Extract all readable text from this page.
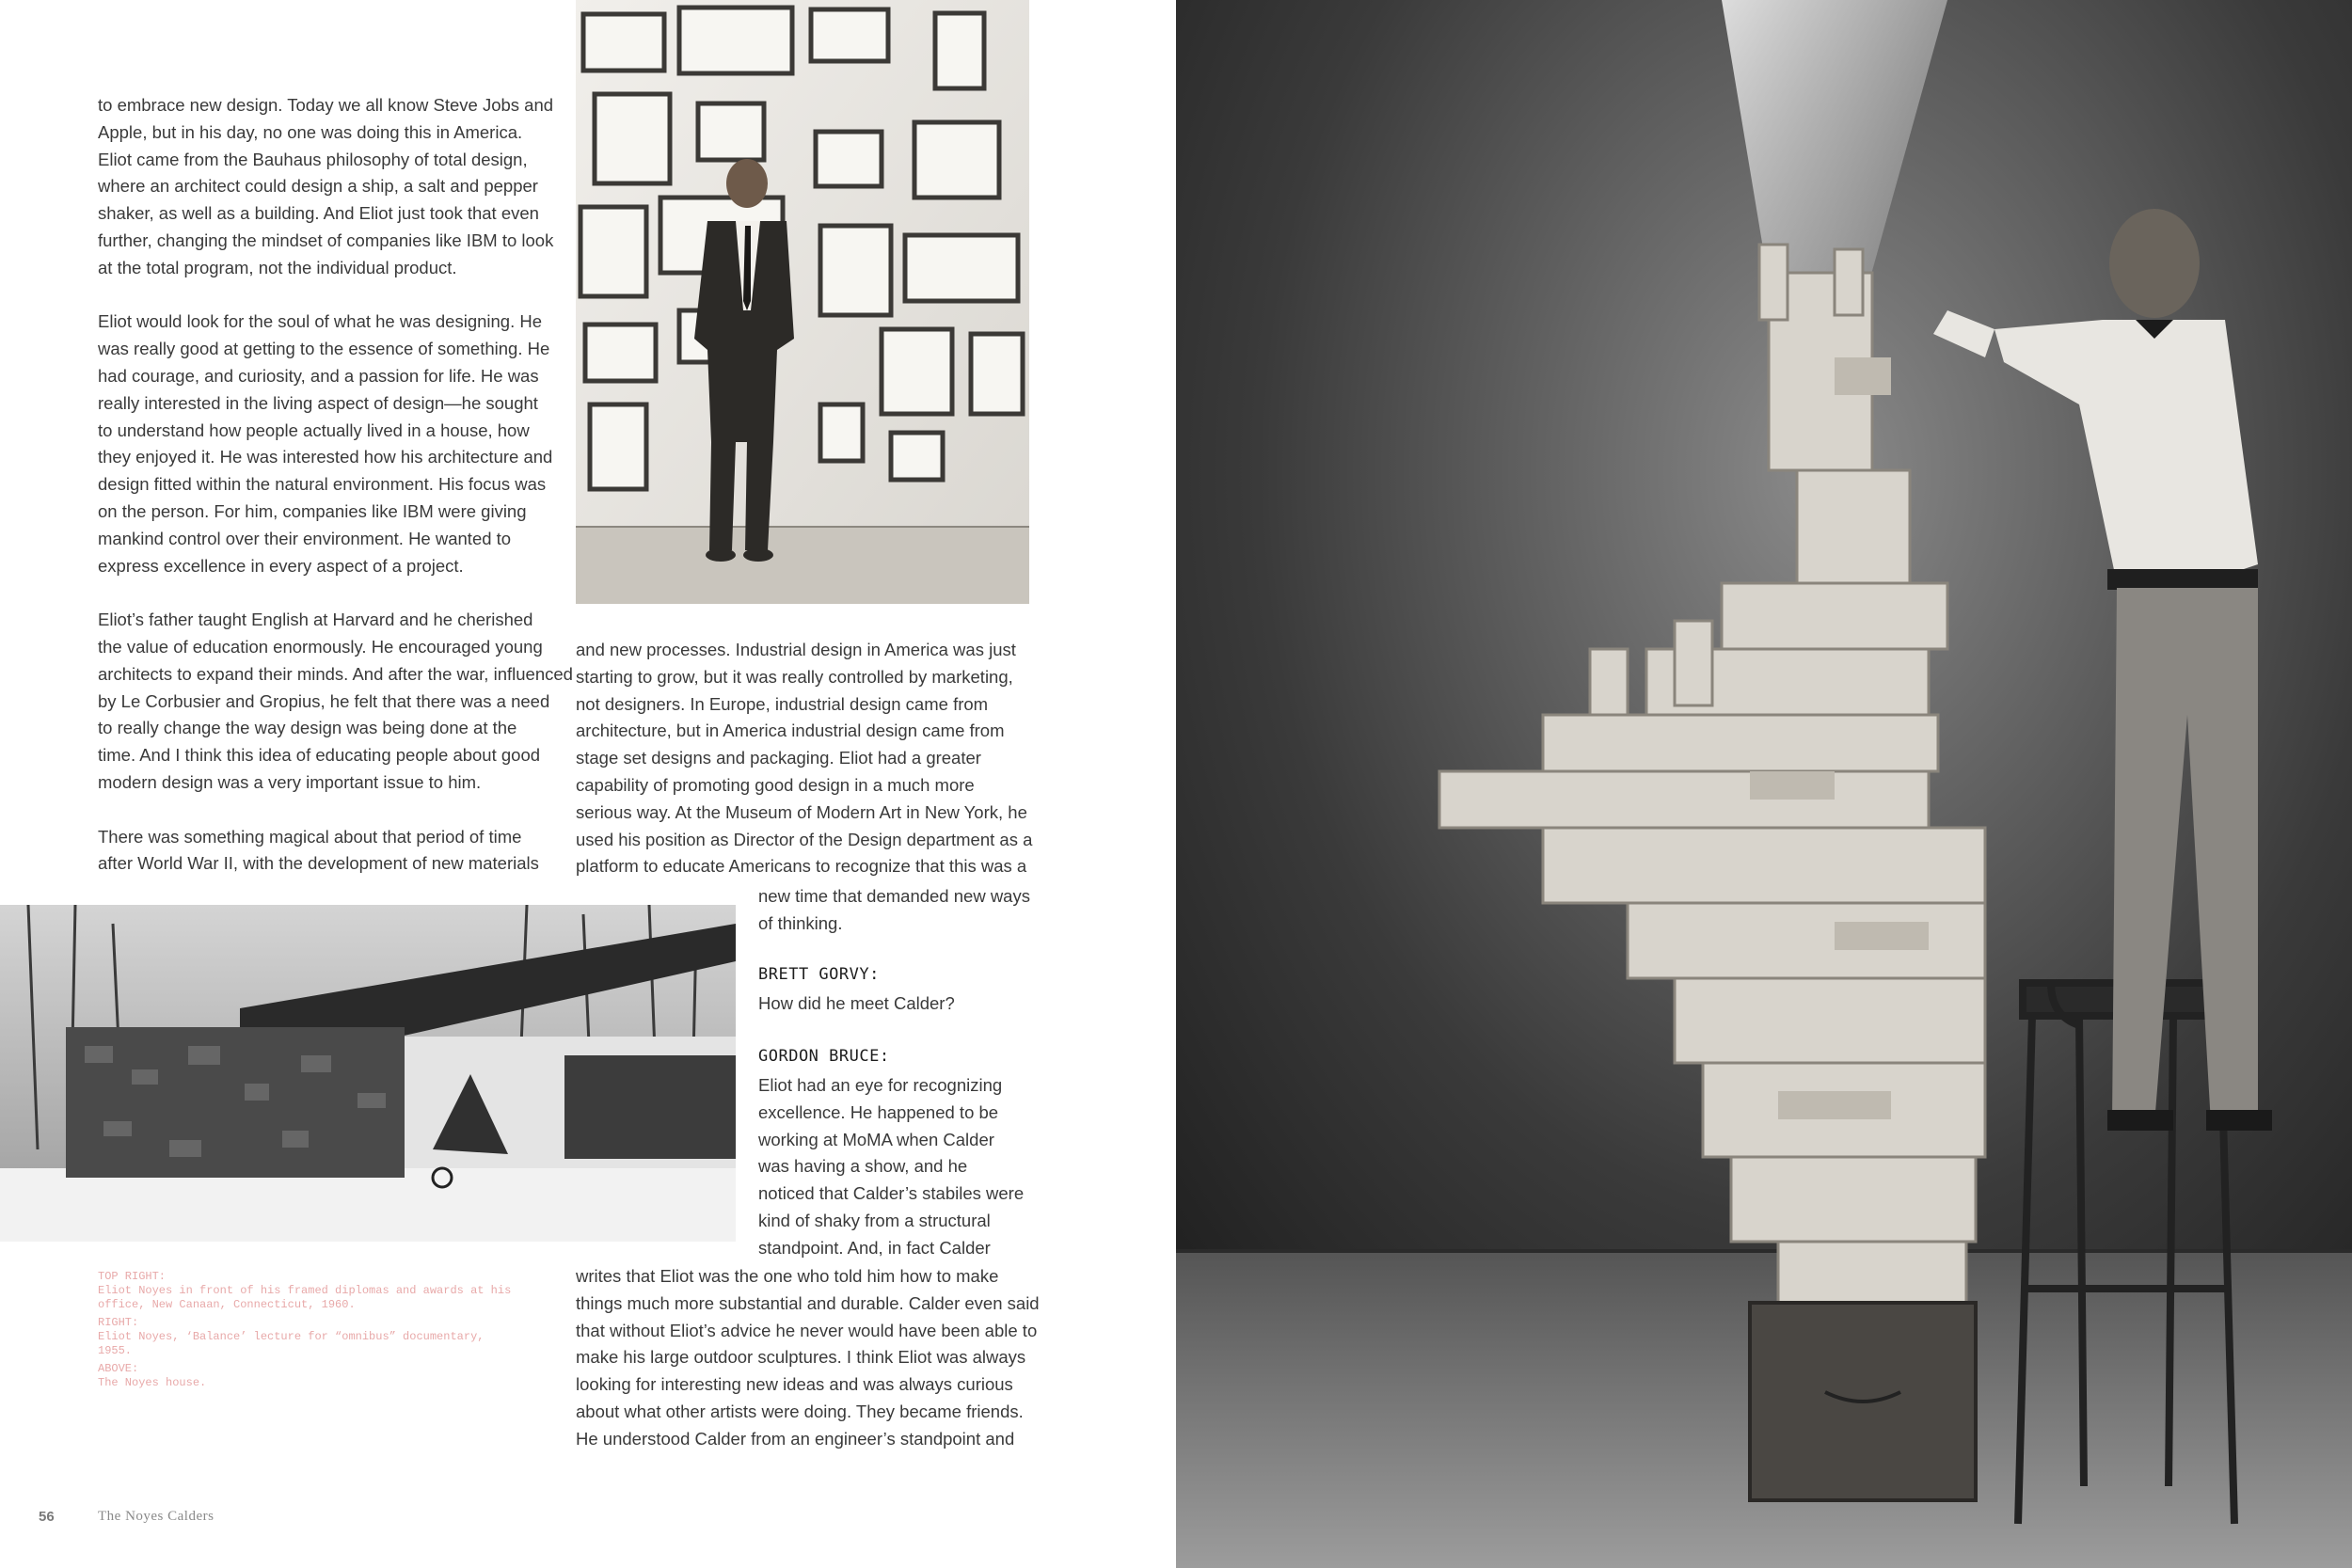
to embrace new design. Today we all know Steve Jobs and
Apple, but in his day, no one was doing this in America.
Eliot came from the Bauhaus philosophy of total design,
where an architect could design a ship, a salt and pepper
shaker, as well as a building. And Eliot just took that even
further, changing the mindset of companies like IBM to look
at the total program, not the individual product.

Eliot would look for the soul of what he was designing. He
was really good at getting to the essence of something. He
had courage, and curiosity, and a passion for life. He was
really interested in the living aspect of design—he sought
to understand how people actually lived in a house, how
they enjoyed it. He was interested how his architecture and
design fitted within the natural environment. His focus was
on the person. For him, companies like IBM were giving
mankind control over their environment. He wanted to
express excellence in every aspect of a project.

Eliot’s father taught English at Harvard and he cherished
the value of education enormously. He encouraged young
architects to expand their minds. And after the war, influenced
by Le Corbusier and Gropius, he felt that there was a need
to really change the way design was being done at the
time. And I think this idea of educating people about good
modern design was a very important issue to him.

There was something magical about that period of time
after World War II, with the development of new materials

and new processes. Industrial design in America was just
starting to grow, but it was really controlled by marketing,
not designers. In Europe, industrial design came from
architecture, but in America industrial design came from
stage set designs and packaging. Eliot had a greater
capability of promoting good design in a much more
serious way. At the Museum of Modern Art in New York, he
used his position as Director of the Design department as a
platform to educate Americans to recognize that this was a

new time that demanded new ways
of thinking.

BRETT GORVY:

How did he meet Calder?

GORDON BRUCE:

Eliot had an eye for recognizing
excellence. He happened to be
working at MoMA when Calder
was having a show, and he
noticed that Calder’s stabiles were
kind of shaky from a structural
standpoint. And, in fact Calder

writes that Eliot was the one who told him how to make
things much more substantial and durable. Calder even said
that without Eliot’s advice he never would have been able to
make his large outdoor sculptures. I think Eliot was always
looking for interesting new ideas and was always curious
about what other artists were doing. They became friends.
He understood Calder from an engineer’s standpoint and

TOP RIGHT:
Eliot Noyes in front of his framed diplomas and awards at his office, New Canaan, Connecticut, 1960.
RIGHT:
Eliot Noyes, ‘Balance’ lecture for “omnibus” documentary, 1955.
ABOVE:
The Noyes house.
56	The Noyes Calders
